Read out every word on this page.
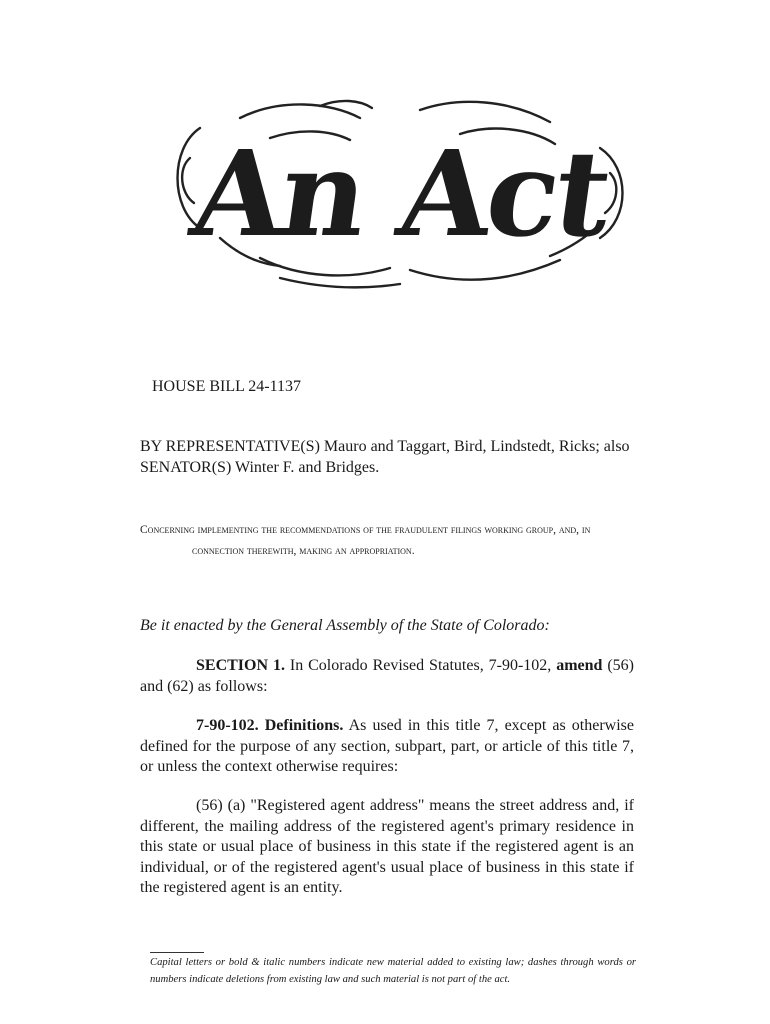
An Act
HOUSE BILL 24-1137
BY REPRESENTATIVE(S) Mauro and Taggart, Bird, Lindstedt, Ricks; also SENATOR(S) Winter F. and Bridges.
Concerning implementing the recommendations of the fraudulent filings working group, and, in connection therewith, making an appropriation.
Be it enacted by the General Assembly of the State of Colorado:
SECTION 1. In Colorado Revised Statutes, 7-90-102, amend (56) and (62) as follows:
7-90-102. Definitions. As used in this title 7, except as otherwise defined for the purpose of any section, subpart, part, or article of this title 7, or unless the context otherwise requires:
(56) (a) "Registered agent address" means the street address and, if different, the mailing address of the registered agent's primary residence in this state or usual place of business in this state if the registered agent is an individual, or of the registered agent's usual place of business in this state if the registered agent is an entity.
Capital letters or bold & italic numbers indicate new material added to existing law; dashes through words or numbers indicate deletions from existing law and such material is not part of the act.
